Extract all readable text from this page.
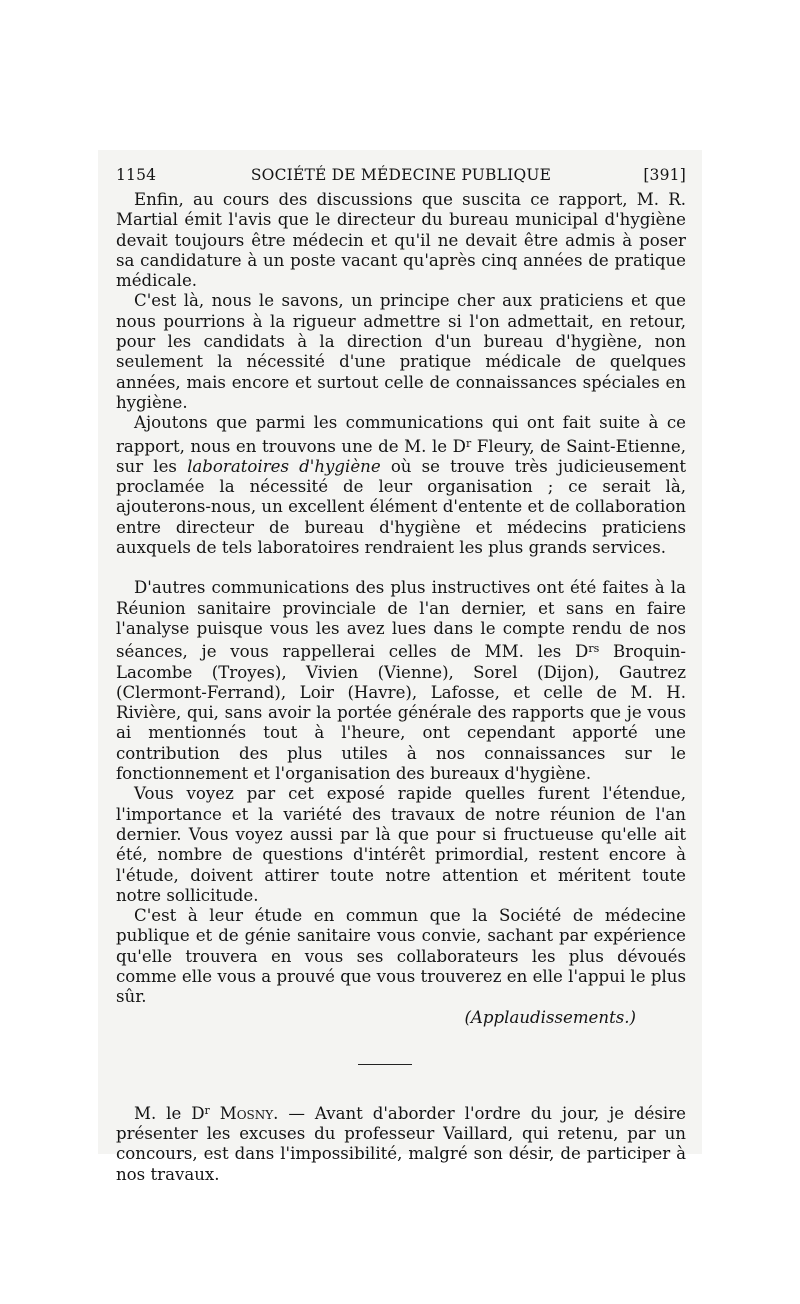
1154	SOCIÉTÉ DE MÉDECINE PUBLIQUE	[391]

Enfin, au cours des discussions que suscita ce rapport, M. R. Martial émit l'avis que le directeur du bureau municipal d'hygiène devait toujours être médecin et qu'il ne devait être admis à poser sa candidature à un poste vacant qu'après cinq années de pratique médicale.

C'est là, nous le savons, un principe cher aux praticiens et que nous pourrions à la rigueur admettre si l'on admettait, en retour, pour les candidats à la direction d'un bureau d'hygiène, non seulement la nécessité d'une pratique médicale de quelques années, mais encore et surtout celle de connaissances spéciales en hygiène.

Ajoutons que parmi les communications qui ont fait suite à ce rapport, nous en trouvons une de M. le $D^r$ Fleury, de Saint-Etienne, sur les laboratoires d'hygiène où se trouve très judicieusement proclamée la nécessité de leur organisation ; ce serait là, ajouterons-nous, un excellent élément d'entente et de collaboration entre directeur de bureau d'hygiène et médecins praticiens auxquels de tels laboratoires rendraient les plus grands services.

D'autres communications des plus instructives ont été faites à la Réunion sanitaire provinciale de l'an dernier, et sans en faire l'analyse puisque vous les avez lues dans le compte rendu de nos séances, je vous rappellerai celles de MM. les $D^{rs}$ Broquin-Lacombe (Troyes), Vivien (Vienne), Sorel (Dijon), Gautrez (Clermont-Ferrand), Loir (Havre), Lafosse, et celle de M. H. Rivière, qui, sans avoir la portée générale des rapports que je vous ai mentionnés tout à l'heure, ont cependant apporté une contribution des plus utiles à nos connaissances sur le fonctionnement et l'organisation des bureaux d'hygiène.

Vous voyez par cet exposé rapide quelles furent l'étendue, l'importance et la variété des travaux de notre réunion de l'an dernier. Vous voyez aussi par là que pour si fructueuse qu'elle ait été, nombre de questions d'intérêt primordial, restent encore à l'étude, doivent attirer toute notre attention et méritent toute notre sollicitude.

C'est à leur étude en commun que la Société de médecine publique et de génie sanitaire vous convie, sachant par expérience qu'elle trouvera en vous ses collaborateurs les plus dévoués comme elle vous a prouvé que vous trouverez en elle l'appui le plus sûr.

(Applaudissements.)

M. le $D^r$ Mosny. — Avant d'aborder l'ordre du jour, je désire présenter les excuses du professeur Vaillard, qui retenu, par un concours, est dans l'impossibilité, malgré son désir, de participer à nos travaux.
